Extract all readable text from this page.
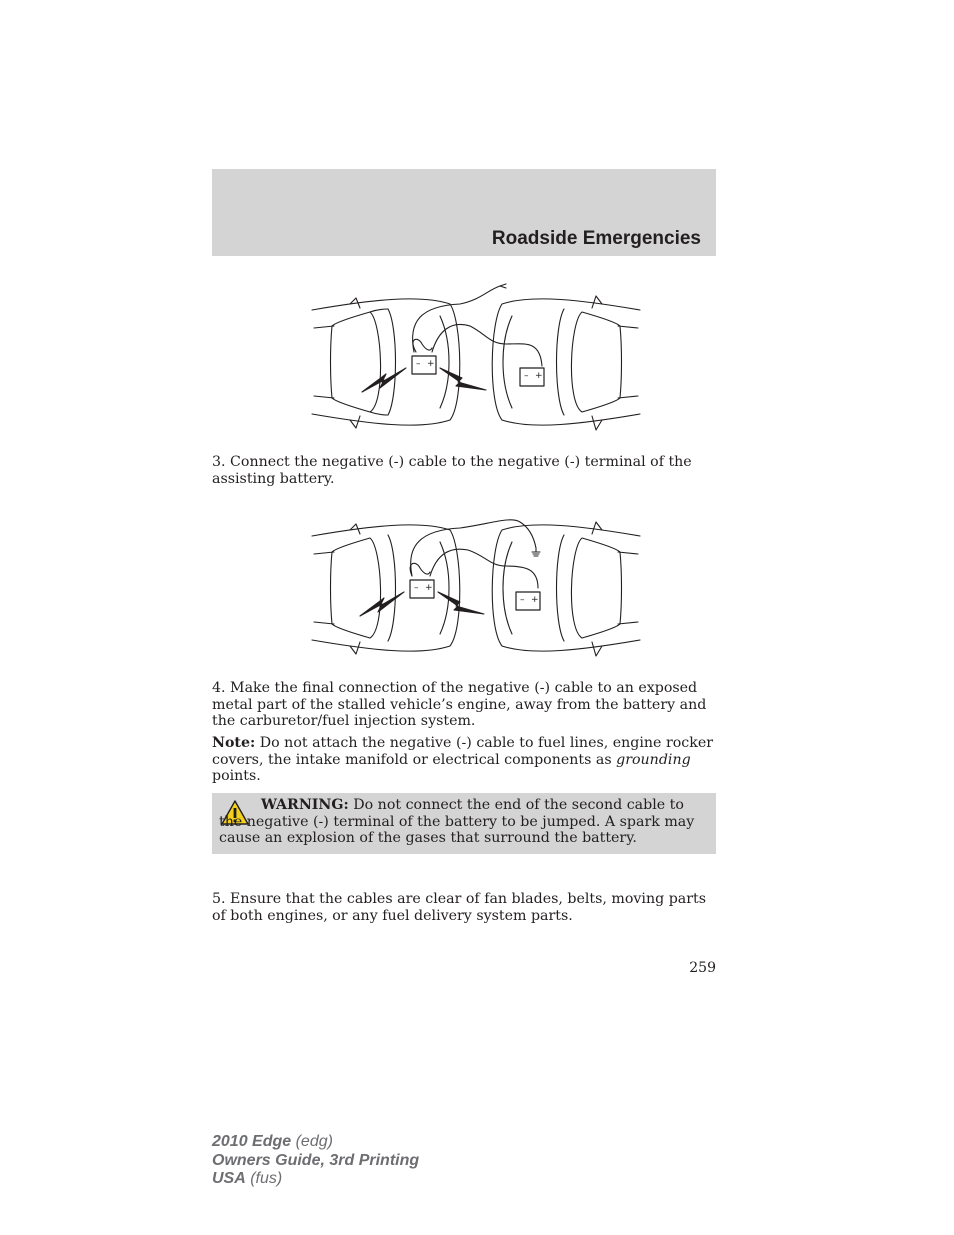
Roadside Emergencies
– +
– +

3. Connect the negative (-) cable to the negative (-) terminal of the assisting battery.

– +
– +

4. Make the final connection of the negative (-) cable to an exposed metal part of the stalled vehicle’s engine, away from the battery and the carburetor/fuel injection system.

Note: Do not attach the negative (-) cable to fuel lines, engine rocker covers, the intake manifold or electrical components as grounding points.

WARNING: Do not connect the end of the second cable to the negative (-) terminal of the battery to be jumped. A spark may cause an explosion of the gases that surround the battery.

5. Ensure that the cables are clear of fan blades, belts, moving parts of both engines, or any fuel delivery system parts.

259

2010 Edge (edg)
Owners Guide, 3rd Printing
USA (fus)
